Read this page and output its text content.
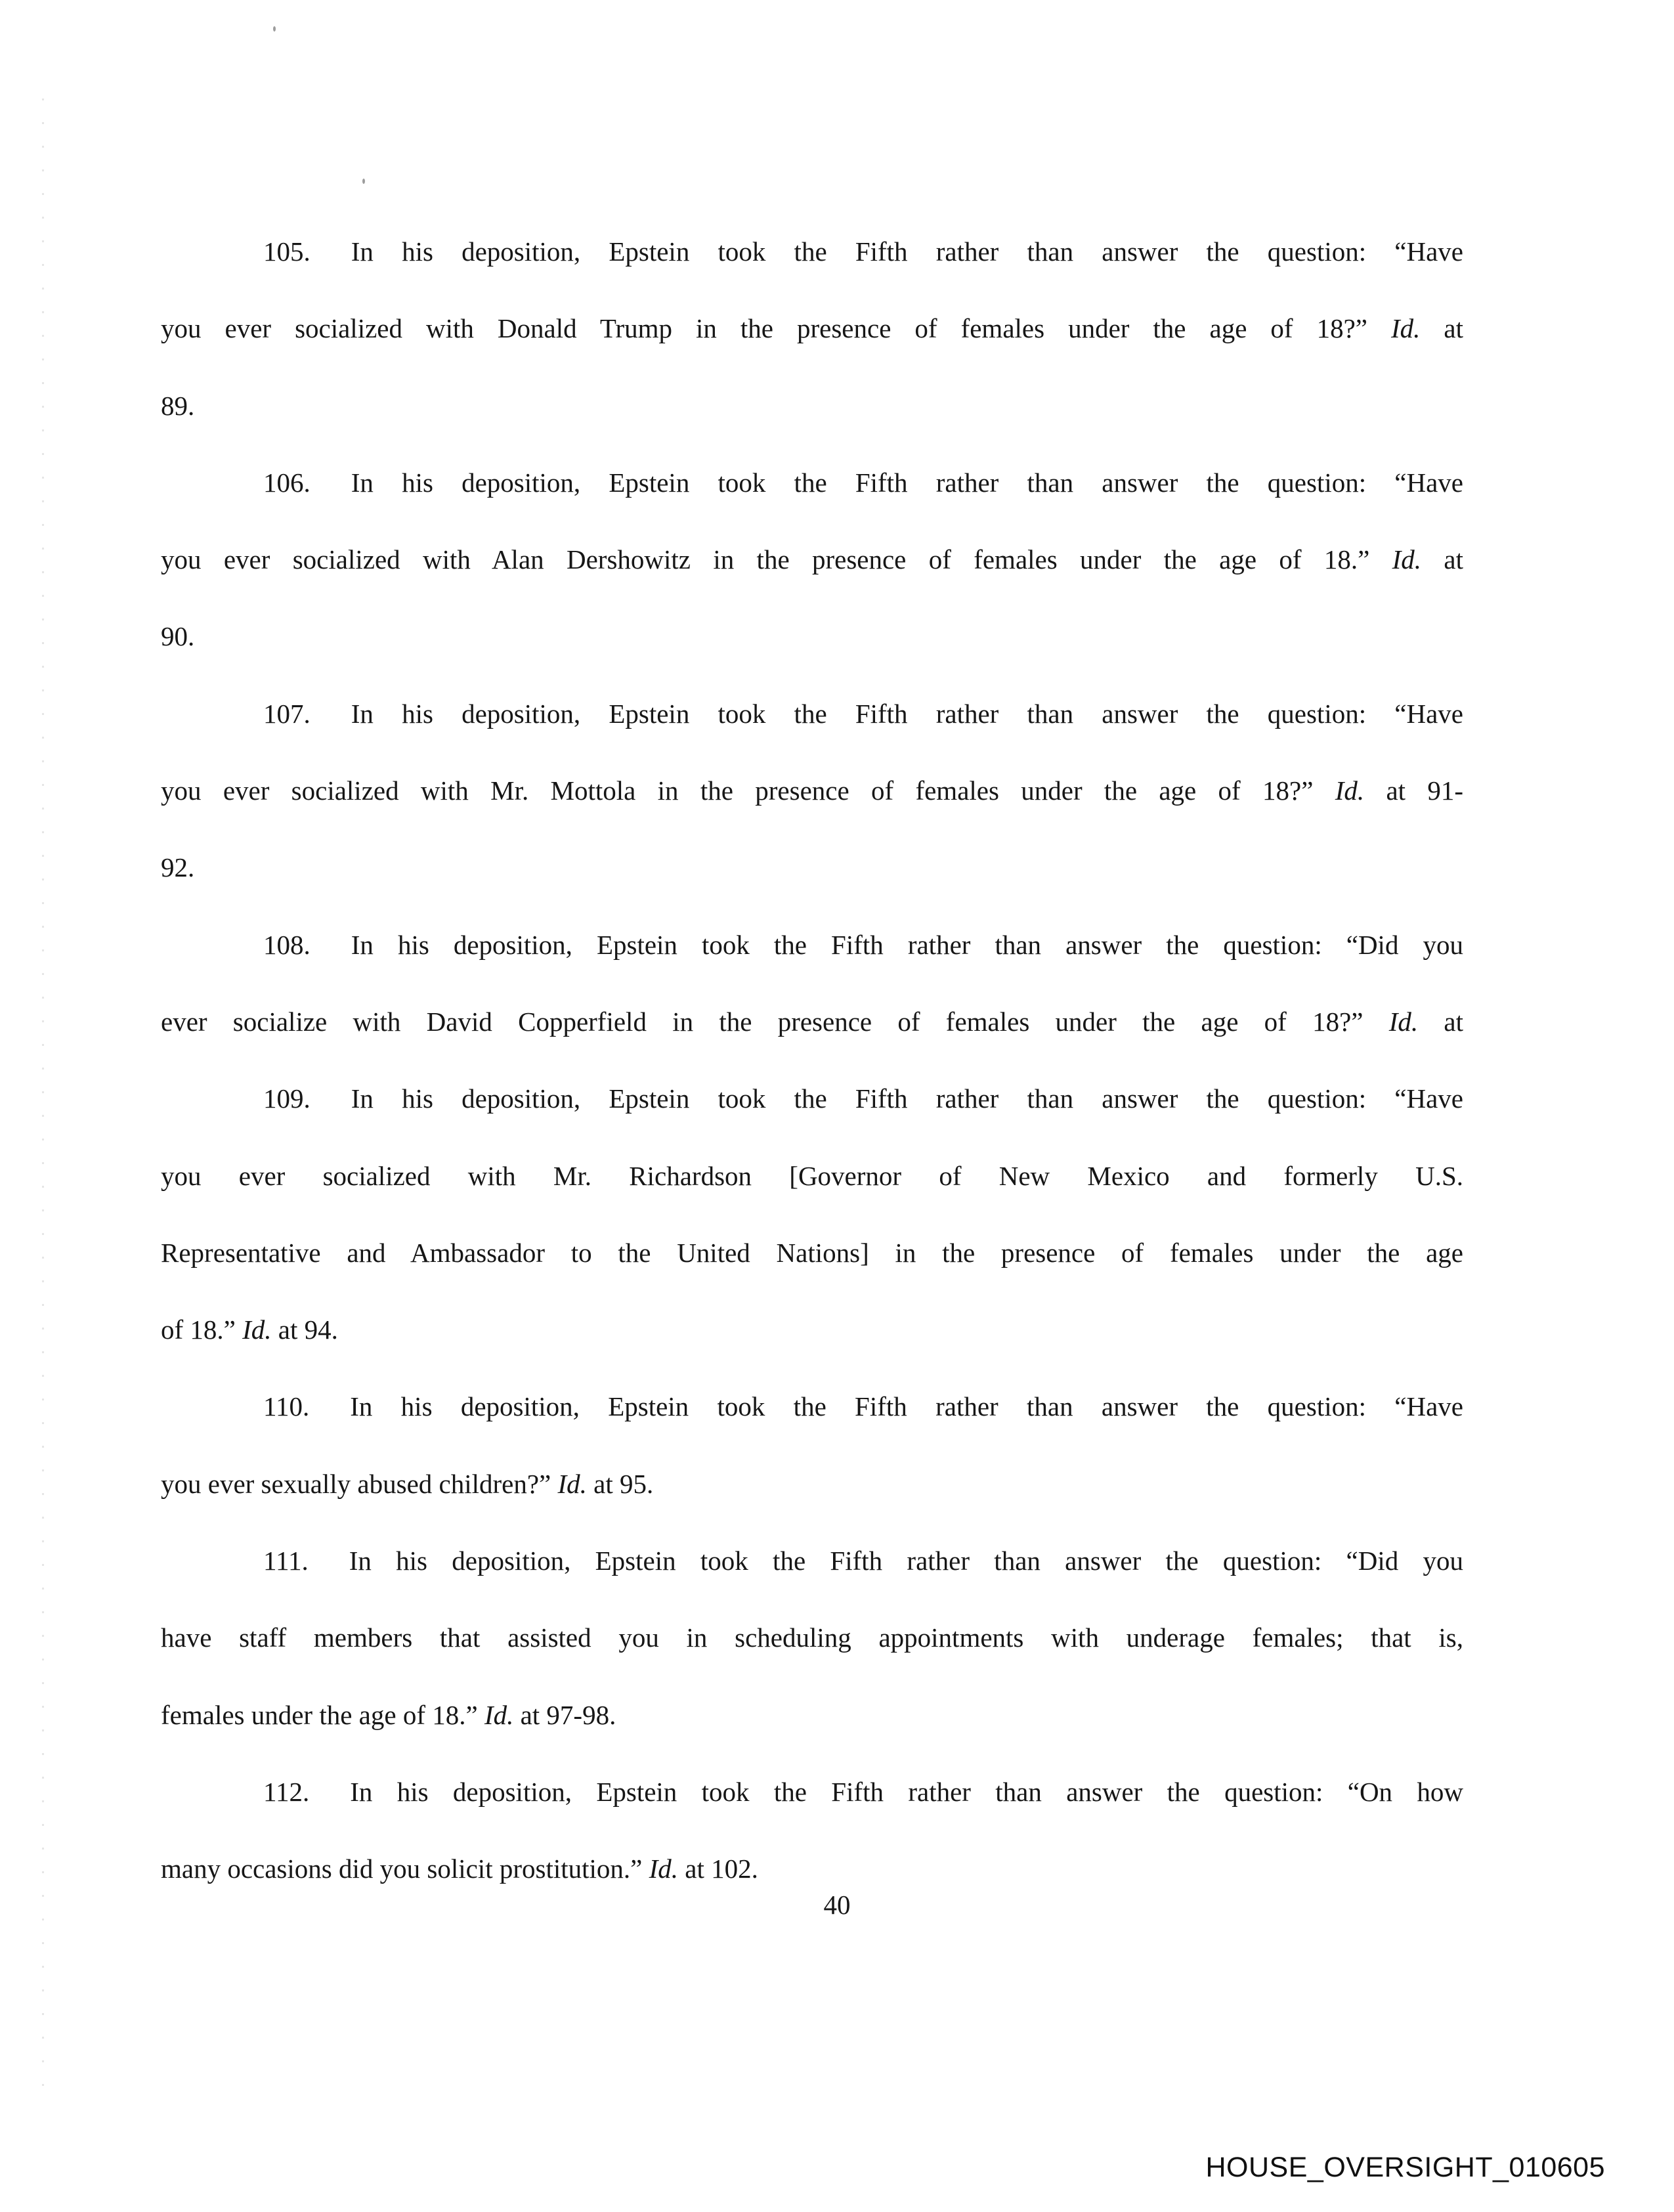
105. In his deposition, Epstein took the Fifth rather than answer the question: “Have
you ever socialized with Donald Trump in the presence of females under the age of 18?” Id. at
89.
106. In his deposition, Epstein took the Fifth rather than answer the question: “Have
you ever socialized with Alan Dershowitz in the presence of females under the age of 18.” Id. at
90.
107. In his deposition, Epstein took the Fifth rather than answer the question: “Have
you ever socialized with Mr. Mottola in the presence of females under the age of 18?” Id. at 91-
92.
108. In his deposition, Epstein took the Fifth rather than answer the question: “Did you
ever socialize with David Copperfield in the presence of females under the age of 18?” Id. at
109. In his deposition, Epstein took the Fifth rather than answer the question: “Have
you ever socialized with Mr. Richardson [Governor of New Mexico and formerly U.S.
Representative and Ambassador to the United Nations] in the presence of females under the age
of 18.” Id. at 94.
110. In his deposition, Epstein took the Fifth rather than answer the question: “Have
you ever sexually abused children?” Id. at 95.
111. In his deposition, Epstein took the Fifth rather than answer the question: “Did you
have staff members that assisted you in scheduling appointments with underage females; that is,
females under the age of 18.” Id. at 97-98.
112. In his deposition, Epstein took the Fifth rather than answer the question: “On how
many occasions did you solicit prostitution.” Id. at 102.
40
HOUSE_OVERSIGHT_010605
